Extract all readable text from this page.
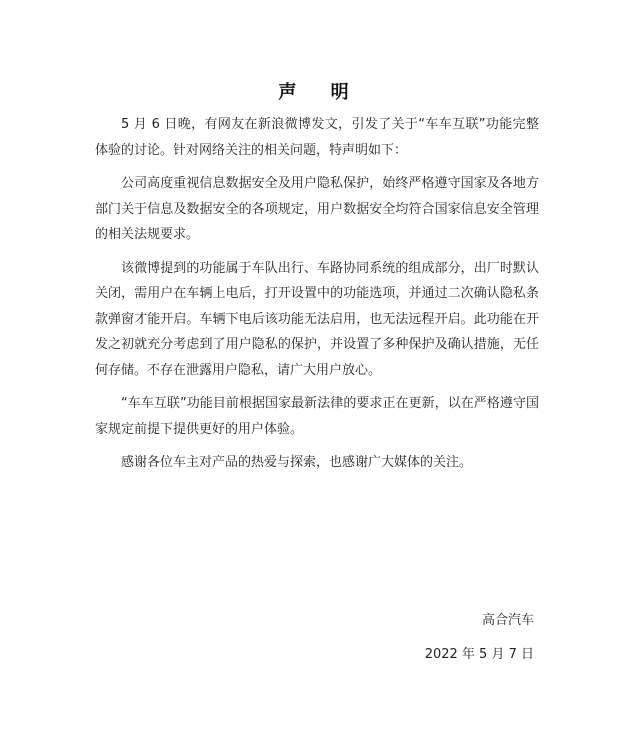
声 明

5 月 6 日晚，有网友在新浪微博发文，引发了关于“车车互联”功能完整体验的讨论。针对网络关注的相关问题，特声明如下：

公司高度重视信息数据安全及用户隐私保护，始终严格遵守国家及各地方部门关于信息及数据安全的各项规定，用户数据安全均符合国家信息安全管理的相关法规要求。

该微博提到的功能属于车队出行、车路协同系统的组成部分，出厂时默认关闭，需用户在车辆上电后，打开设置中的功能选项，并通过二次确认隐私条款弹窗才能开启。车辆下电后该功能无法启用，也无法远程开启。此功能在开发之初就充分考虑到了用户隐私的保护，并设置了多种保护及确认措施，无任何存储。不存在泄露用户隐私，请广大用户放心。

“车车互联”功能目前根据国家最新法律的要求正在更新，以在严格遵守国家规定前提下提供更好的用户体验。

感谢各位车主对产品的热爱与探索，也感谢广大媒体的关注。

高合汽车
2022 年 5 月 7 日
